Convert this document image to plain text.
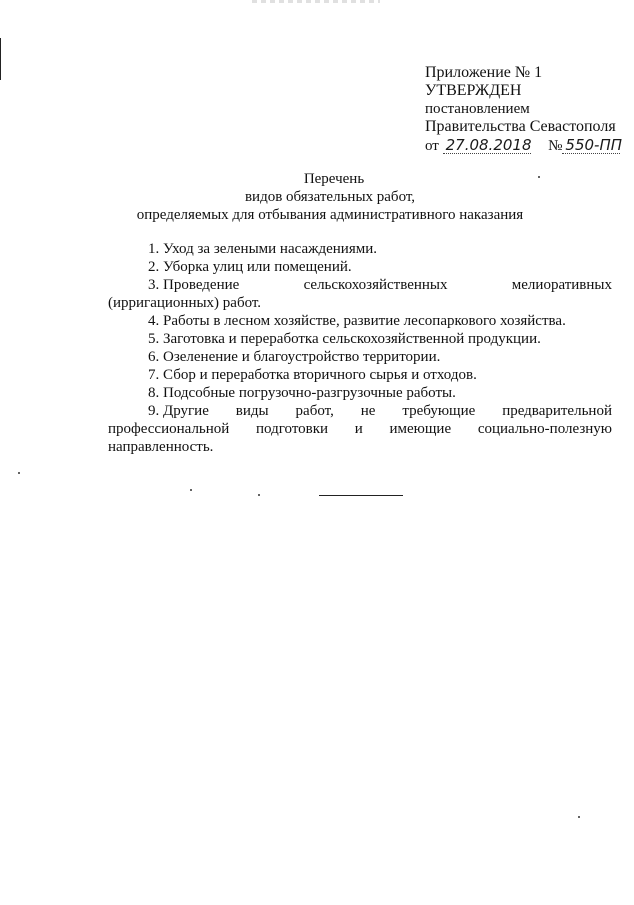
Приложение № 1
УТВЕРЖДЕН
постановлением
Правительства Севастополя
от 27.08.2018 № 550-ПП
Перечень
видов обязательных работ,
определяемых для отбывания административного наказания
1. Уход за зелеными насаждениями.
2. Уборка улиц или помещений.
3. Проведение	сельскохозяйственных	мелиоративных
(ирригационных) работ.
4. Работы в лесном хозяйстве, развитие лесопаркового хозяйства.
5. Заготовка и переработка сельскохозяйственной продукции.
6. Озеленение и благоустройство территории.
7. Сбор и переработка вторичного сырья и отходов.
8. Подсобные погрузочно-разгрузочные работы.
9. Другие виды работ, не требующие предварительной
профессиональной подготовки и имеющие социально-полезную
направленность.
